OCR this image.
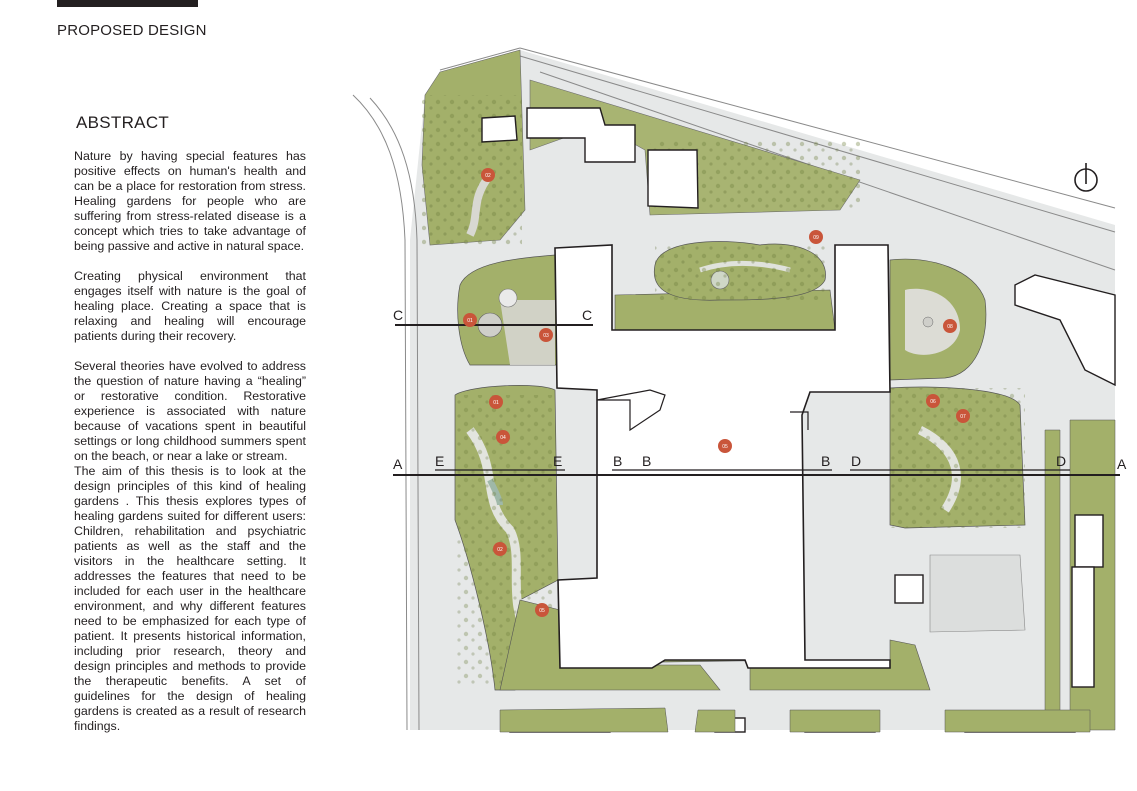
PROPOSED DESIGN
ABSTRACT

Nature by having special features has positive effects on human's health and can be a place for restoration from stress. Healing gardens for people who are suffering from stress-related disease is a concept which tries to take advantage of being passive and active in natural space.

Creating physical environment that engages itself with nature is the goal of healing place. Creating a space that is relaxing and healing will encourage patients during their recovery.

Several theories have evolved to address the question of nature having a “healing” or restorative condition. Restorative experience is associated with nature because of vacations spent in beautiful settings or long childhood summers spent on the beach, or near a lake or stream.

The aim of this thesis is to look at the design principles of this kind of healing gardens . This thesis explores types of healing gardens suited for different users: Children, rehabilitation and psychiatric patients as well as the staff and the visitors in the healthcare setting. It addresses the features that need to be included for each user in the healthcare environment, and why different features need to be emphasized for each type of patient. It presents historical information, including prior research, theory and design principles and methods to provide the therapeutic benefits. A set of guidelines for the design of healing gardens is created as a result of research findings.

A	A
E	E	B B	B D	D
C	C
02
09
01
03
08
01
04
05
06
07
02
05
